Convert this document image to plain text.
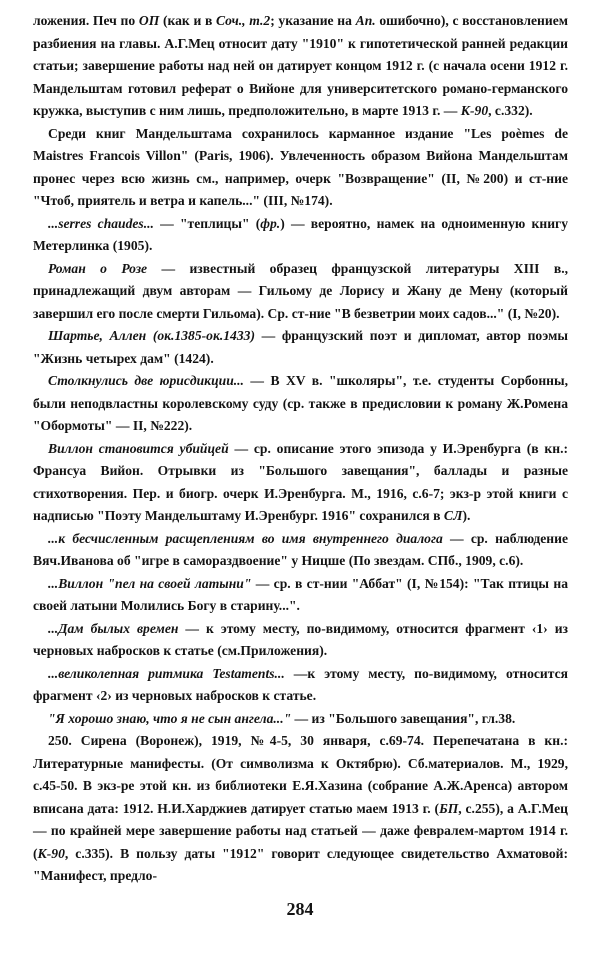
ложения. Печ по ОП (как и в Соч., т.2; указание на Ап. ошибочно), с восстановлением разбиения на главы. А.Г.Мец относит дату "1910" к гипотетической ранней редакции статьи; завершение работы над ней он датирует концом 1912 г. (с начала осени 1912 г. Мандельштам готовил реферат о Вийоне для университетского романо-германского кружка, выступив с ним лишь, предположительно, в марте 1913 г. — К-90, с.332).

Среди книг Мандельштама сохранилось карманное издание "Les poèmes de Maistres Francois Villon" (Paris, 1906). Увлеченность образом Вийона Мандельштам пронес через всю жизнь см., например, очерк "Возвращение" (II, №200) и ст-ние "Чтоб, приятель и ветра и капель..." (III, №174).

...serres chaudes... — "теплицы" (фр.) — вероятно, намек на одноименную книгу Метерлинка (1905).

Роман о Розе — известный образец французской литературы XIII в., принадлежащий двум авторам — Гильому де Лорису и Жану де Мену (который завершил его после смерти Гильома). Ср. ст-ние "В безветрии моих садов..." (I, №20).

Шартье, Аллен (ок.1385-ок.1433) — французский поэт и дипломат, автор поэмы "Жизнь четырех дам" (1424).

Столкнулись две юрисдикции... — В XV в. "школяры", т.е. студенты Сорбонны, были неподвластны королевскому суду (ср. также в предисловии к роману Ж.Ромена "Обормоты" — II, №222).

Виллон становится убийцей — ср. описание этого эпизода у И.Эренбурга (в кн.: Франсуа Вийон. Отрывки из "Большого завещания", баллады и разные стихотворения. Пер. и биогр. очерк И.Эренбурга. М., 1916, с.6-7; экз-р этой книги с надписью "Поэту Мандельштаму И.Эренбург. 1916" сохранился в СЛ).

...к бесчисленным расщеплениям во имя внутреннего диалога — ср. наблюдение Вяч.Иванова об "игре в самораздвоение" у Ницше (По звездам. СПб., 1909, с.6).

...Виллон "пел на своей латыни" — ср. в ст-нии "Аббат" (I, №154): "Так птицы на своей латыни Молились Богу в старину...".

...Дам былых времен — к этому месту, по-видимому, относится фрагмент ‹1› из черновых набросков к статье (см.Приложения).

...великолепная ритмика Testaments... —к этому месту, по-видимому, относится фрагмент ‹2› из черновых набросков к статье.

"Я хорошо знаю, что я не сын ангела..." — из "Большого завещания", гл.38.

250. Сирена (Воронеж), 1919, №4-5, 30 января, с.69-74. Перепечатана в кн.: Литературные манифесты. (От символизма к Октябрю). Сб.материалов. М., 1929, с.45-50. В экз-ре этой кн. из библиотеки Е.Я.Хазина (собрание А.Ж.Аренса) автором вписана дата: 1912. Н.И.Харджиев датирует статью маем 1913 г. (БП, с.255), а А.Г.Мец — по крайней мере завершение работы над статьей — даже февралем-мартом 1914 г. (К-90, с.335). В пользу даты "1912" говорит следующее свидетельство Ахматовой: "Манифест, предло-

284
